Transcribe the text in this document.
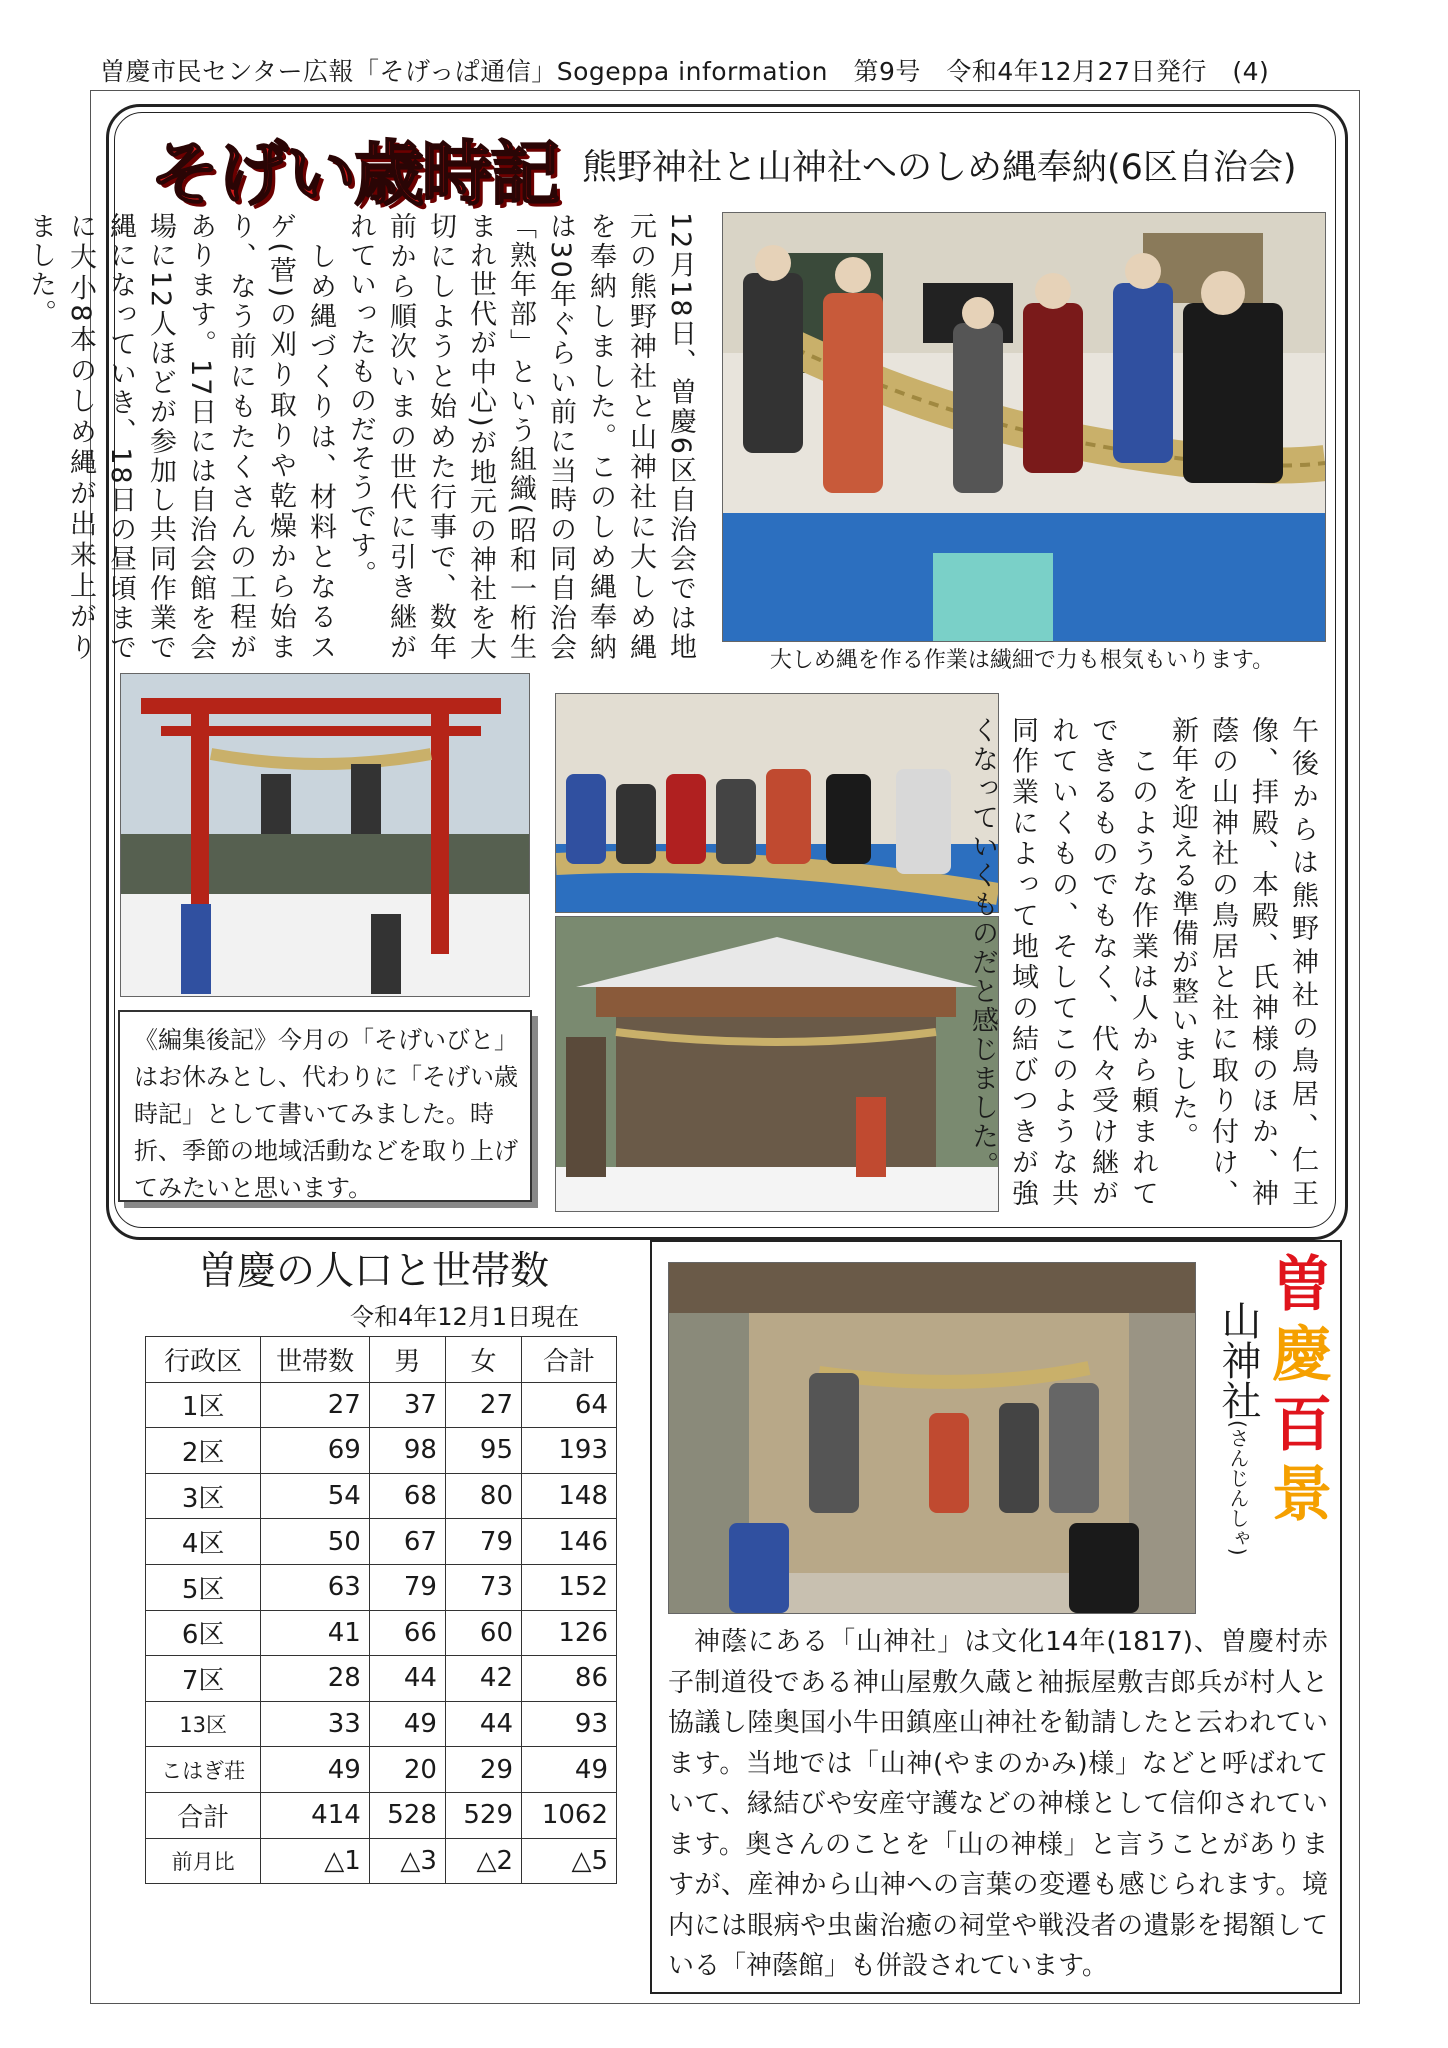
曽慶市民センター広報「そげっぱ通信」Sogeppa information　第9号　令和4年12月27日発行　(4)
そげい歳時記 熊野神社と山神社へのしめ縄奉納(6区自治会)
12月18日、曽慶6区自治会では地元の熊野神社と山神社に大しめ縄を奉納しました。このしめ縄奉納は30年ぐらい前に当時の同自治会「熟年部」という組織(昭和一桁生まれ世代が中心)が地元の神社を大切にしようと始めた行事で、数年前から順次いまの世代に引き継がれていったものだそうです。
　しめ縄づくりは、材料となるスゲ(菅)の刈り取りや乾燥から始まり、なう前にもたくさんの工程があります。17日には自治会館を会場に12人ほどが参加し共同作業で縄になっていき、18日の昼頃までに大小8本のしめ縄が出来上がりました。
大しめ縄を作る作業は繊細で力も根気もいります。
午後からは熊野神社の鳥居、仁王像、拝殿、本殿、氏神様のほか、神蔭の山神社の鳥居と社に取り付け、新年を迎える準備が整いました。
　このような作業は人から頼まれてできるものでもなく、代々受け継がれていくもの、そしてこのような共同作業によって地域の結びつきが強くなっていくものだと感じました。
《編集後記》今月の「そげいびと」はお休みとし、代わりに「そげい歳時記」として書いてみました。時折、季節の地域活動などを取り上げてみたいと思います。
曽慶の人口と世帯数
令和4年12月1日現在
行政区	世帯数	男	女	合計
1区	27	37	27	64
2区	69	98	95	193
3区	54	68	80	148
4区	50	67	79	146
5区	63	79	73	152
6区	41	66	60	126
7区	28	44	42	86
13区	33	49	44	93
こはぎ荘	49	20	29	49
合計	414	528	529	1062
前月比	△1	△3	△2	△5
曽
慶
百
景
山神社(さんじんしゃ)
神蔭にある「山神社」は文化14年(1817)、曽慶村赤子制道役である神山屋敷久蔵と袖振屋敷吉郎兵が村人と協議し陸奥国小牛田鎮座山神社を勧請したと云われています。当地では「山神(やまのかみ)様」などと呼ばれていて、縁結びや安産守護などの神様として信仰されています。奥さんのことを「山の神様」と言うことがありますが、産神から山神への言葉の変遷も感じられます。境内には眼病や虫歯治癒の祠堂や戦没者の遺影を掲額している「神蔭館」も併設されています。
